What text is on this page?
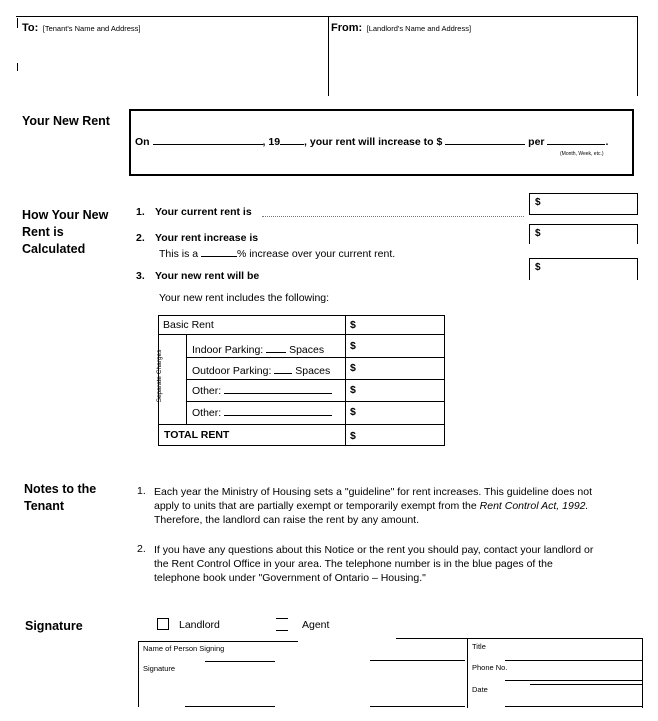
To: [Tenant's Name and Address]	From: [Landlord's Name and Address]
Your New Rent
On	, 19 , your rent will increase to $	per	.
(Month, Week, etc.)
How Your New Rent is Calculated
1. Your current rent is
$
2. Your rent increase is
This is a	% increase over your current rent.
$
3. Your new rent will be
$
Your new rent includes the following:
Basic Rent	$
Separate Charges	Indoor Parking: Spaces $
Outdoor Parking: Spaces $
Other:	$
Other:	$
TOTAL RENT	$
Notes to the Tenant
1. Each year the Ministry of Housing sets a "guideline" for rent increases. This guideline does not
apply to units that are partially exempt or temporarily exempt from the Rent Control Act, 1992.
Therefore, the landlord can raise the rent by any amount.
2. If you have any questions about this Notice or the rent you should pay, contact your landlord or
the Rent Control Office in your area. The telephone number is in the blue pages of the
telephone book under "Government of Ontario – Housing."
Signature	Landlord	Agent
Name of Person Signing	Title
Signature	Phone No.
Date
